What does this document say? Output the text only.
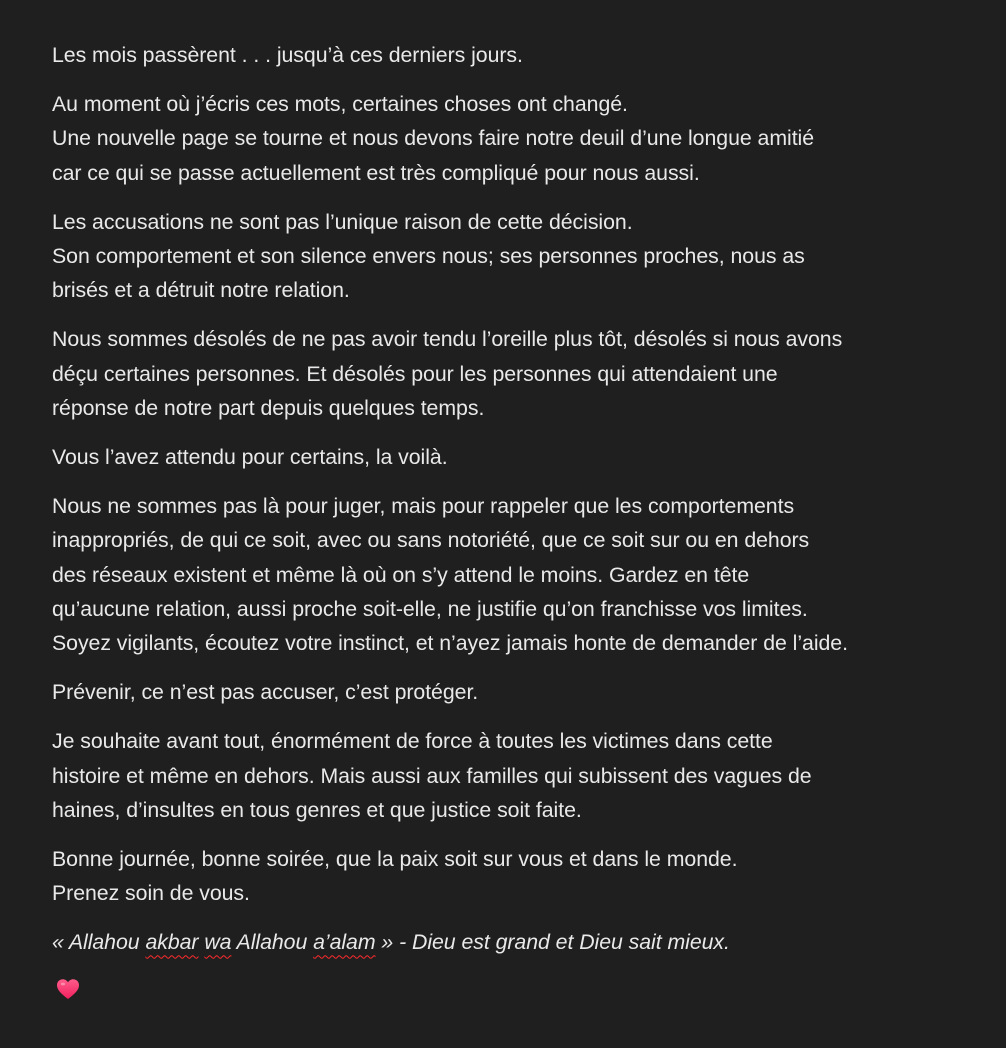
Les mois passèrent . . . jusqu’à ces derniers jours.

Au moment où j’écris ces mots, certaines choses ont changé.
Une nouvelle page se tourne et nous devons faire notre deuil d’une longue amitié
car ce qui se passe actuellement est très compliqué pour nous aussi.

Les accusations ne sont pas l’unique raison de cette décision.
Son comportement et son silence envers nous; ses personnes proches, nous as
brisés et a détruit notre relation.

Nous sommes désolés de ne pas avoir tendu l’oreille plus tôt, désolés si nous avons
déçu certaines personnes. Et désolés pour les personnes qui attendaient une
réponse de notre part depuis quelques temps.

Vous l’avez attendu pour certains, la voilà.

Nous ne sommes pas là pour juger, mais pour rappeler que les comportements
inappropriés, de qui ce soit, avec ou sans notoriété, que ce soit sur ou en dehors
des réseaux existent et même là où on s’y attend le moins. Gardez en tête
qu’aucune relation, aussi proche soit-elle, ne justifie qu’on franchisse vos limites.
Soyez vigilants, écoutez votre instinct, et n’ayez jamais honte de demander de l’aide.

Prévenir, ce n’est pas accuser, c’est protéger.

Je souhaite avant tout, énormément de force à toutes les victimes dans cette
histoire et même en dehors. Mais aussi aux familles qui subissent des vagues de
haines, d’insultes en tous genres et que justice soit faite.

Bonne journée, bonne soirée, que la paix soit sur vous et dans le monde.
Prenez soin de vous.

« Allahou akbar wa Allahou a’alam » - Dieu est grand et Dieu sait mieux.
